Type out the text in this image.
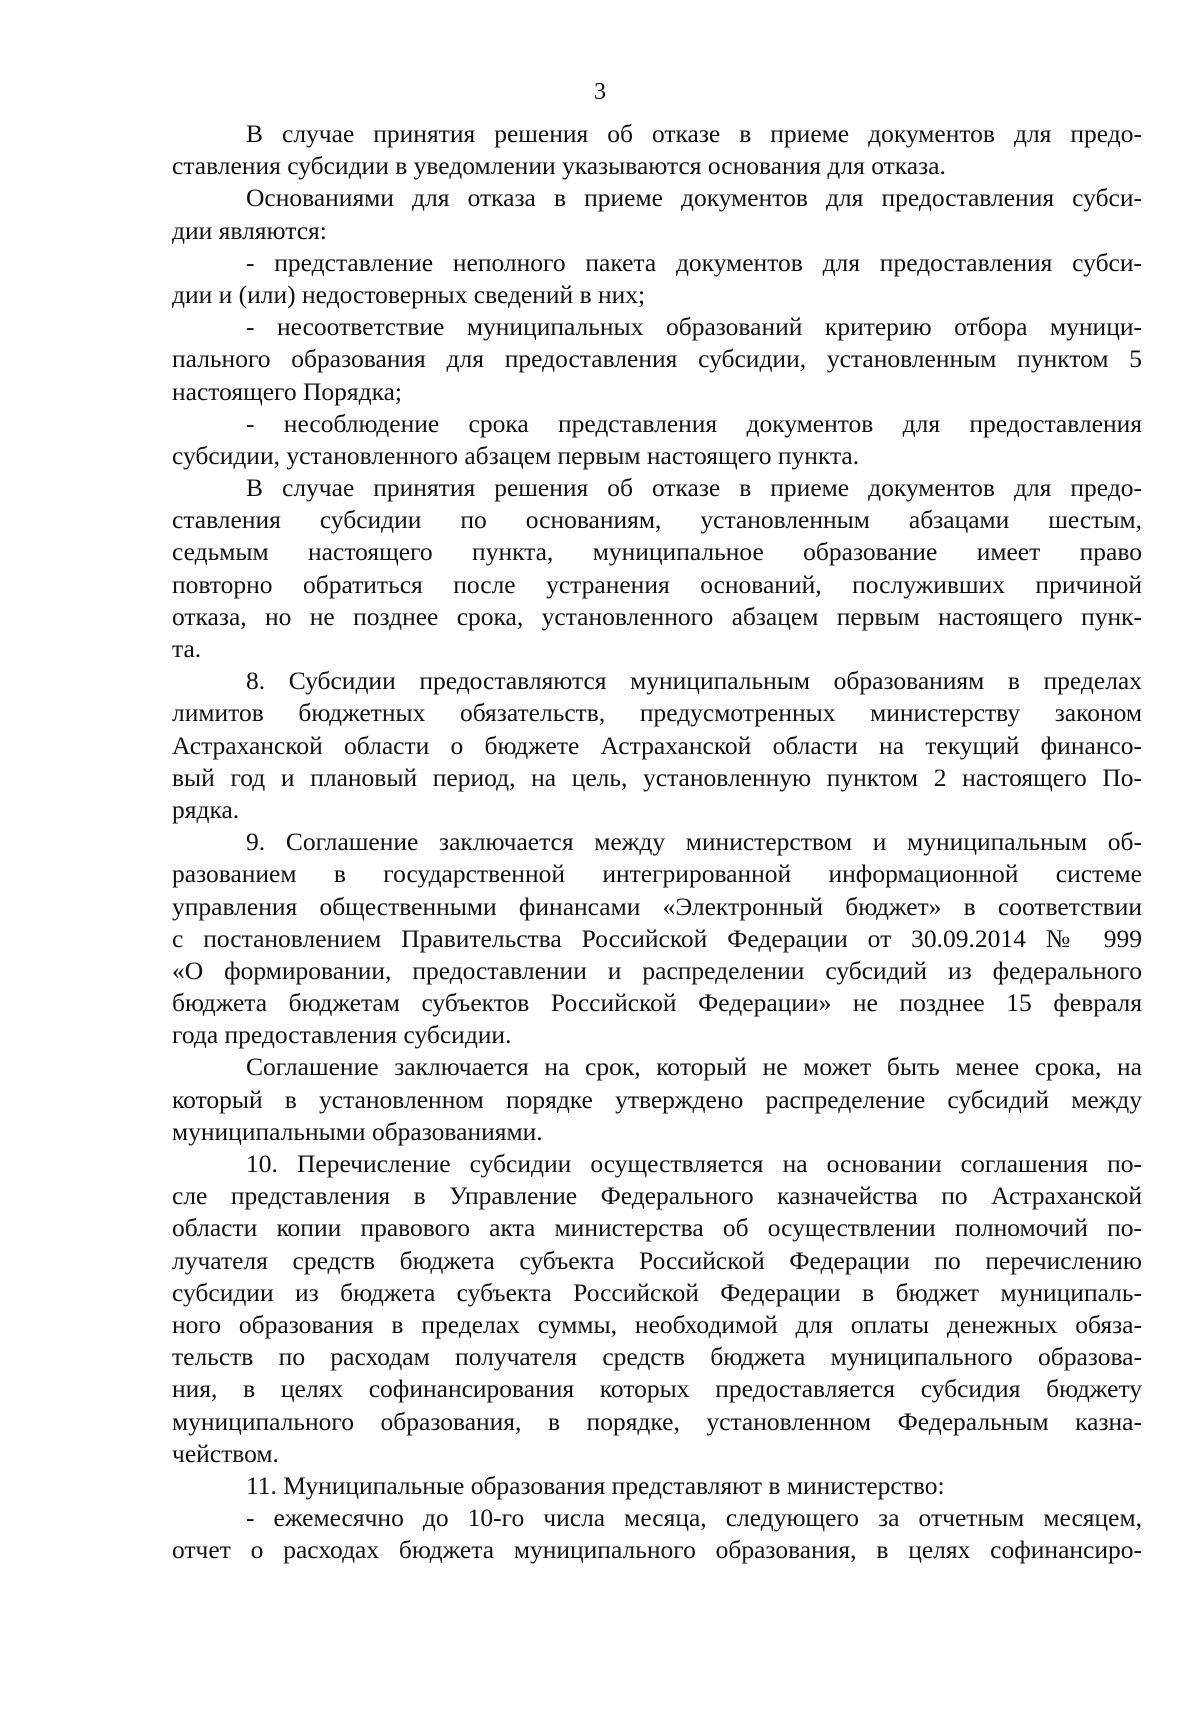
3
В случае принятия решения об отказе в приеме документов для предо-
ставления субсидии в уведомлении указываются основания для отказа.
Основаниями для отказа в приеме документов для предоставления субси-
дии являются:
- представление неполного пакета документов для предоставления субси-
дии и (или) недостоверных сведений в них;
- несоответствие муниципальных образований критерию отбора муници-
пального образования для предоставления субсидии, установленным пунктом 5
настоящего Порядка;
- несоблюдение срока представления документов для предоставления
субсидии, установленного абзацем первым настоящего пункта.
В случае принятия решения об отказе в приеме документов для предо-
ставления субсидии по основаниям, установленным абзацами шестым,
седьмым настоящего пункта, муниципальное образование имеет право
повторно обратиться после устранения оснований, послуживших причиной
отказа, но не позднее срока, установленного абзацем первым настоящего пунк-
та.
8. Субсидии предоставляются муниципальным образованиям в пределах
лимитов бюджетных обязательств, предусмотренных министерству законом
Астраханской области о бюджете Астраханской области на текущий финансо-
вый год и плановый период, на цель, установленную пунктом 2 настоящего По-
рядка.
9. Соглашение заключается между министерством и муниципальным об-
разованием в государственной интегрированной информационной системе
управления общественными финансами «Электронный бюджет» в соответствии
с постановлением Правительства Российской Федерации от 30.09.2014 № 999
«О формировании, предоставлении и распределении субсидий из федерального
бюджета бюджетам субъектов Российской Федерации» не позднее 15 февраля
года предоставления субсидии.
Соглашение заключается на срок, который не может быть менее срока, на
который в установленном порядке утверждено распределение субсидий между
муниципальными образованиями.
10. Перечисление субсидии осуществляется на основании соглашения по-
сле представления в Управление Федерального казначейства по Астраханской
области копии правового акта министерства об осуществлении полномочий по-
лучателя средств бюджета субъекта Российской Федерации по перечислению
субсидии из бюджета субъекта Российской Федерации в бюджет муниципаль-
ного образования в пределах суммы, необходимой для оплаты денежных обяза-
тельств по расходам получателя средств бюджета муниципального образова-
ния, в целях софинансирования которых предоставляется субсидия бюджету
муниципального образования, в порядке, установленном Федеральным казна-
чейством.
11. Муниципальные образования представляют в министерство:
- ежемесячно до 10-го числа месяца, следующего за отчетным месяцем,
отчет о расходах бюджета муниципального образования, в целях софинансиро-
